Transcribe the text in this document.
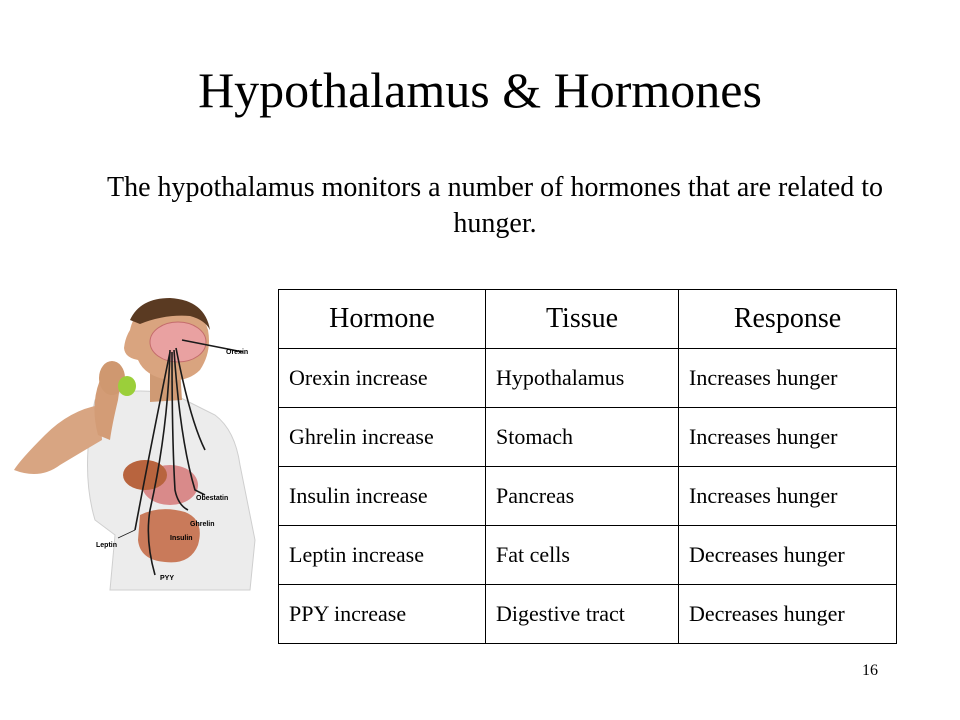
Hypothalamus & Hormones
The hypothalamus monitors a number of hormones that are related to hunger.
Orexin
Obestatin
Ghrelin
Insulin
Leptin
PYY
Hormone	Tissue	Response
Orexin increase	Hypothalamus	Increases hunger
Ghrelin increase	Stomach	Increases hunger
Insulin increase	Pancreas	Increases hunger
Leptin increase	Fat cells	Decreases hunger
PPY increase	Digestive tract	Decreases hunger
16
